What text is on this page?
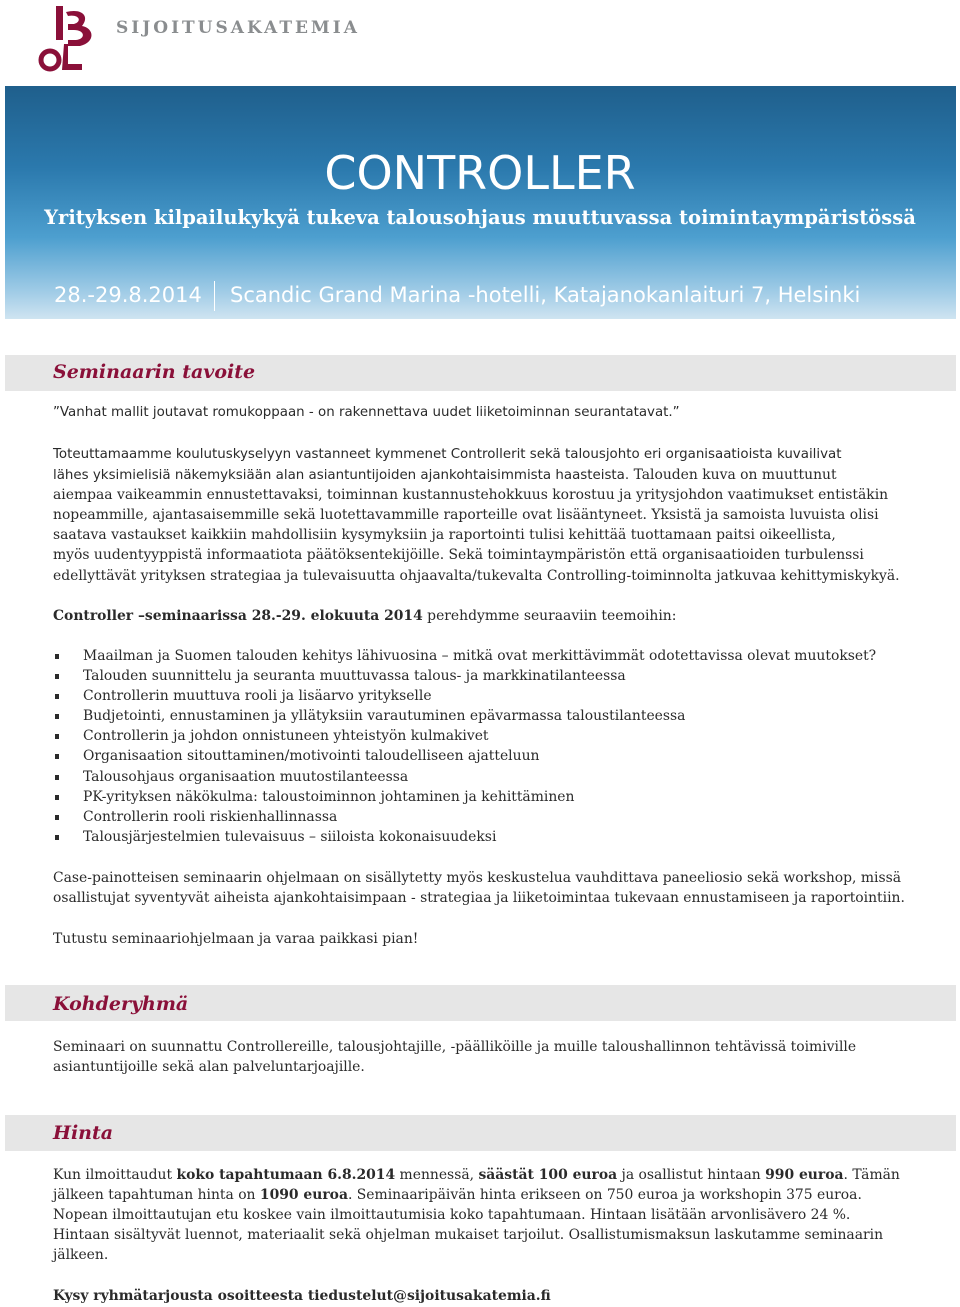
SIJOITUSAKATEMIA
CONTROLLER
Yrityksen kilpailukykyä tukeva talousohjaus muuttuvassa toimintaympäristössä
28.-29.8.2014 Scandic Grand Marina -hotelli, Katajanokanlaituri 7, Helsinki
Seminaarin tavoite
”Vanhat mallit joutavat romukoppaan - on rakennettava uudet liiketoiminnan seurantatavat.”
Toteuttamaamme koulutuskyselyyn vastanneet kymmenet Controllerit sekä talousjohto eri organisaatioista kuvailivat
lähes yksimielisiä näkemyksiään alan asiantuntijoiden ajankohtaisimmista haasteista. Talouden kuva on muuttunut
aiempaa vaikeammin ennustettavaksi, toiminnan kustannustehokkuus korostuu ja yritysjohdon vaatimukset entistäkin
nopeammille, ajantasaisemmille sekä luotettavammille raporteille ovat lisääntyneet. Yksistä ja samoista luvuista olisi
saatava vastaukset kaikkiin mahdollisiin kysymyksiin ja raportointi tulisi kehittää tuottamaan paitsi oikeellista,
myös uudentyyppistä informaatiota päätöksentekijöille. Sekä toimintaympäristön että organisaatioiden turbulenssi
edellyttävät yrityksen strategiaa ja tulevaisuutta ohjaavalta/tukevalta Controlling-toiminnolta jatkuvaa kehittymiskykyä.
Controller –seminaarissa 28.-29. elokuuta 2014 perehdymme seuraaviin teemoihin:
Maailman ja Suomen talouden kehitys lähivuosina – mitkä ovat merkittävimmät odotettavissa olevat muutokset?
Talouden suunnittelu ja seuranta muuttuvassa talous- ja markkinatilanteessa
Controllerin muuttuva rooli ja lisäarvo yritykselle
Budjetointi, ennustaminen ja yllätyksiin varautuminen epävarmassa taloustilanteessa
Controllerin ja johdon onnistuneen yhteistyön kulmakivet
Organisaation sitouttaminen/motivointi taloudelliseen ajatteluun
Talousohjaus organisaation muutostilanteessa
PK-yrityksen näkökulma: taloustoiminnon johtaminen ja kehittäminen
Controllerin rooli riskienhallinnassa
Talousjärjestelmien tulevaisuus – siiloista kokonaisuudeksi
Case-painotteisen seminaarin ohjelmaan on sisällytetty myös keskustelua vauhdittava paneeliosio sekä workshop, missä
osallistujat syventyvät aiheista ajankohtaisimpaan - strategiaa ja liiketoimintaa tukevaan ennustamiseen ja raportointiin.
Tutustu seminaariohjelmaan ja varaa paikkasi pian!
Kohderyhmä
Seminaari on suunnattu Controllereille, talousjohtajille, -päälliköille ja muille taloushallinnon tehtävissä toimiville
asiantuntijoille sekä alan palveluntarjoajille.
Hinta
Kun ilmoittaudut koko tapahtumaan 6.8.2014 mennessä, säästät 100 euroa ja osallistut hintaan 990 euroa. Tämän
jälkeen tapahtuman hinta on 1090 euroa. Seminaaripäivän hinta erikseen on 750 euroa ja workshopin 375 euroa.
Nopean ilmoittautujan etu koskee vain ilmoittautumisia koko tapahtumaan. Hintaan lisätään arvonlisävero 24 %.
Hintaan sisältyvät luennot, materiaalit sekä ohjelman mukaiset tarjoilut. Osallistumismaksun laskutamme seminaarin
jälkeen.
Kysy ryhmätarjousta osoitteesta tiedustelut@sijoitusakatemia.fi
